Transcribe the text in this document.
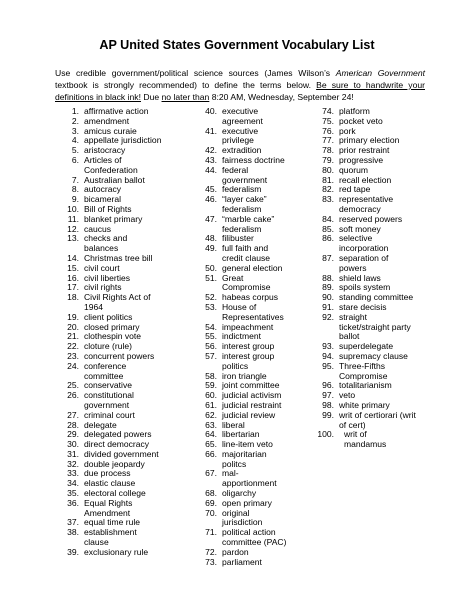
AP United States Government Vocabulary List
Use credible government/political science sources (James Wilson’s American Government
textbook is strongly recommended) to define the terms below. Be sure to handwrite your
definitions in black ink! Due no later than 8:20 AM, Wednesday, September 24!
1. affirmative action
2. amendment
3. amicus curaie
4. appellate jurisdiction
5. aristocracy
6. Articles of
Confederation
7. Australian ballot
8. autocracy
9. bicameral
10. Bill of Rights
11. blanket primary
12. caucus
13. checks and
balances
14. Christmas tree bill
15. civil court
16. civil liberties
17. civil rights
18. Civil Rights Act of
1964
19. client politics
20. closed primary
21. clothespin vote
22. cloture (rule)
23. concurrent powers
24. conference
committee
25. conservative
26. constitutional
government
27. criminal court
28. delegate
29. delegated powers
30. direct democracy
31. divided government
32. double jeopardy
33. due process
34. elastic clause
35. electoral college
36. Equal Rights
Amendment
37. equal time rule
38. establishment
clause
39. exclusionary rule
40. executive
agreement
41. executive
privilege
42. extradition
43. fairness doctrine
44. federal
government
45. federalism
46. “layer cake”
federalism
47. “marble cake”
federalism
48. filibuster
49. full faith and
credit clause
50. general election
51. Great
Compromise
52. habeas corpus
53. House of
Representatives
54. impeachment
55. indictment
56. interest group
57. interest group
politics
58. iron triangle
59. joint committee
60. judicial activism
61. judicial restraint
62. judicial review
63. liberal
64. libertarian
65. line-item veto
66. majoritarian
politcs
67. mal-
apportionment
68. oligarchy
69. open primary
70. original
jurisdiction
71. political action
committee (PAC)
72. pardon
73. parliament
74. platform
75. pocket veto
76. pork
77. primary election
78. prior restraint
79. progressive
80. quorum
81. recall election
82. red tape
83. representative
democracy
84. reserved powers
85. soft money
86. selective
incorporation
87. separation of
powers
88. shield laws
89. spoils system
90. standing committee
91. stare decisis
92. straight
ticket/straight party
ballot
93. superdelegate
94. supremacy clause
95. Three-Fifths
Compromise
96. totalitarianism
97. veto
98. white primary
99. writ of certiorari (writ
of cert)
100. writ of
mandamus
